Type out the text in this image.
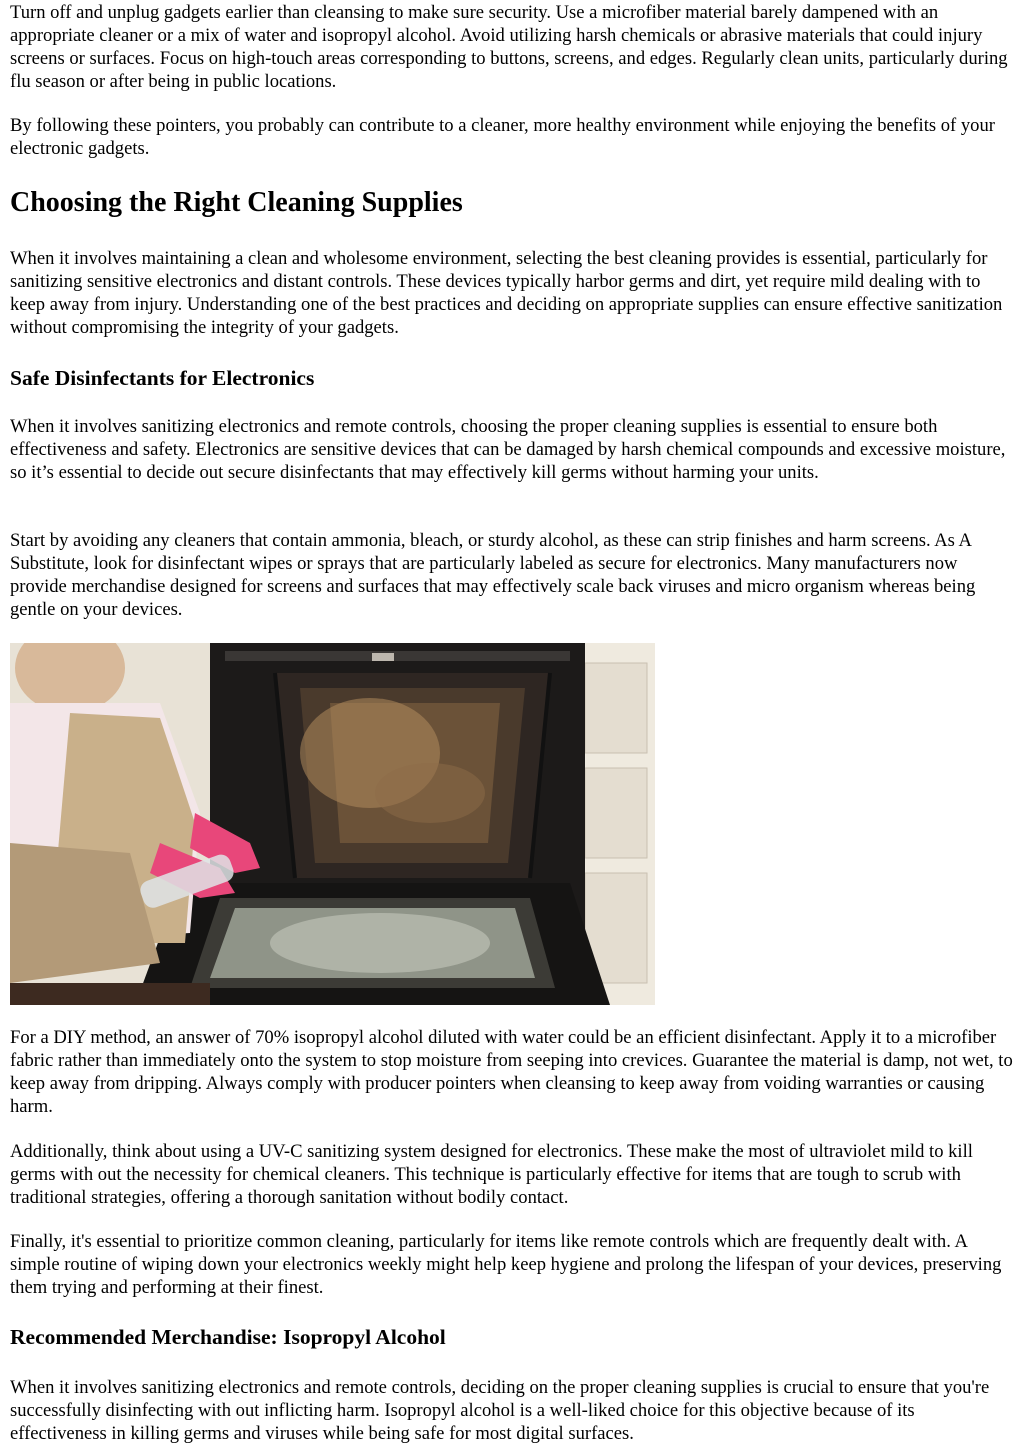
Turn off and unplug gadgets earlier than cleansing to make sure security. Use a microfiber material barely dampened with an appropriate cleaner or a mix of water and isopropyl alcohol. Avoid utilizing harsh chemicals or abrasive materials that could injury screens or surfaces. Focus on high-touch areas corresponding to buttons, screens, and edges. Regularly clean units, particularly during flu season or after being in public locations.

By following these pointers, you probably can contribute to a cleaner, more healthy environment while enjoying the benefits of your electronic gadgets.

Choosing the Right Cleaning Supplies

When it involves maintaining a clean and wholesome environment, selecting the best cleaning provides is essential, particularly for sanitizing sensitive electronics and distant controls. These devices typically harbor germs and dirt, yet require mild dealing with to keep away from injury. Understanding one of the best practices and deciding on appropriate supplies can ensure effective sanitization without compromising the integrity of your gadgets.

Safe Disinfectants for Electronics

When it involves sanitizing electronics and remote controls, choosing the proper cleaning supplies is essential to ensure both effectiveness and safety. Electronics are sensitive devices that can be damaged by harsh chemical compounds and excessive moisture, so it’s essential to decide out secure disinfectants that may effectively kill germs without harming your units.

Start by avoiding any cleaners that contain ammonia, bleach, or sturdy alcohol, as these can strip finishes and harm screens. As A Substitute, look for disinfectant wipes or sprays that are particularly labeled as secure for electronics. Many manufacturers now provide merchandise designed for screens and surfaces that may effectively scale back viruses and micro organism whereas being gentle on your devices.

For a DIY method, an answer of 70% isopropyl alcohol diluted with water could be an efficient disinfectant. Apply it to a microfiber fabric rather than immediately onto the system to stop moisture from seeping into crevices. Guarantee the material is damp, not wet, to keep away from dripping. Always comply with producer pointers when cleansing to keep away from voiding warranties or causing harm.

Additionally, think about using a UV-C sanitizing system designed for electronics. These make the most of ultraviolet mild to kill germs with out the necessity for chemical cleaners. This technique is particularly effective for items that are tough to scrub with traditional strategies, offering a thorough sanitation without bodily contact.

Finally, it's essential to prioritize common cleaning, particularly for items like remote controls which are frequently dealt with. A simple routine of wiping down your electronics weekly might help keep hygiene and prolong the lifespan of your devices, preserving them trying and performing at their finest.

Recommended Merchandise: Isopropyl Alcohol

When it involves sanitizing electronics and remote controls, deciding on the proper cleaning supplies is crucial to ensure that you're successfully disinfecting with out inflicting harm. Isopropyl alcohol is a well-liked choice for this objective because of its effectiveness in killing germs and viruses while being safe for most digital surfaces.
